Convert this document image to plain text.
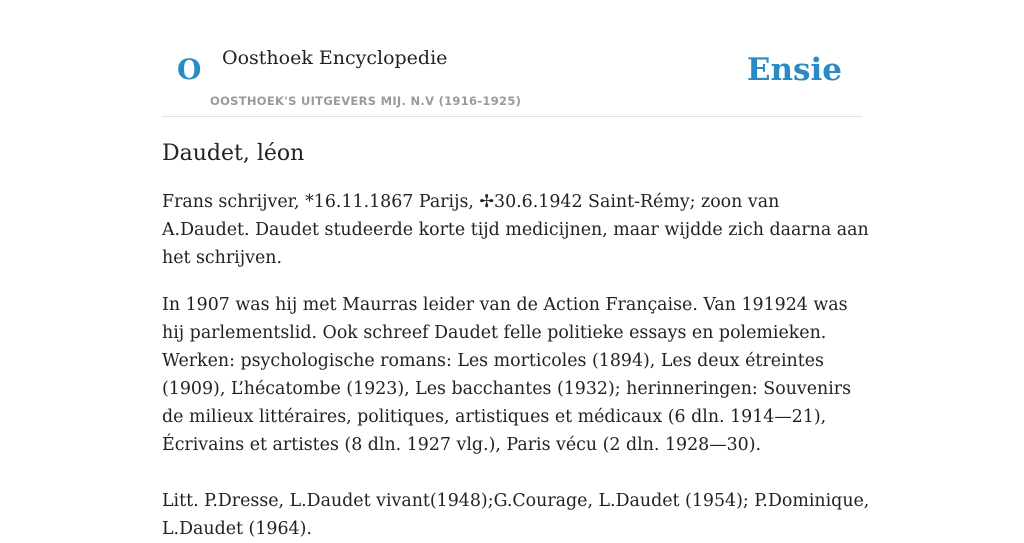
O Oosthoek Encyclopedie
OOSTHOEK'S UITGEVERS MIJ. N.V (1916-1925)
Ensie
Daudet, léon

Frans schrijver, *16.11.1867 Parijs, ✢30.6.1942 Saint-Rémy; zoon van A.Daudet. Daudet studeerde korte tijd medicijnen, maar wijdde zich daarna aan het schrijven.

In 1907 was hij met Maurras leider van de Action Française. Van 191924 was hij parlementslid. Ook schreef Daudet felle politieke essays en polemieken. Werken: psychologische romans: Les morticoles (1894), Les deux étreintes (1909), L’hécatombe (1923), Les bacchantes (1932); herinneringen: Souvenirs de milieux littéraires, politiques, artistiques et médicaux (6 dln. 1914—21), Écrivains et artistes (8 dln. 1927 vlg.), Paris vécu (2 dln. 1928—30).

Litt. P.Dresse, L.Daudet vivant(1948);G.Courage, L.Daudet (1954); P.Dominique, L.Daudet (1964).
